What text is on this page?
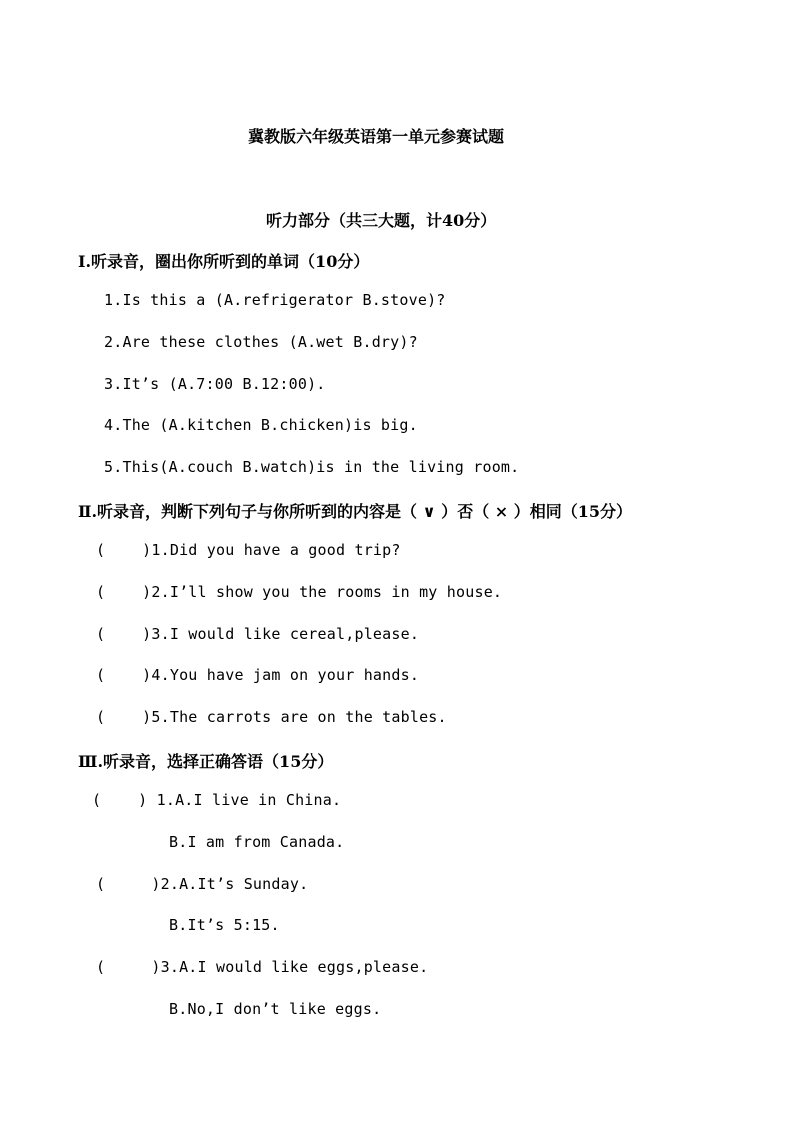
冀教版六年级英语第一单元参赛试题
听力部分（共三大题，计40分）
Ⅰ.听录音，圈出你所听到的单词（10分）
1.Is this a (A.refrigerator B.stove)?
2.Are these clothes (A.wet B.dry)?
3.It’s (A.7:00 B.12:00).
4.The (A.kitchen B.chicken)is big.
5.This(A.couch B.watch)is in the living room.
Ⅱ.听录音，判断下列句子与你所听到的内容是（ ∨ ）否（ × ）相同（15分）
(    )1.Did you have a good trip?
(    )2.I’ll show you the rooms in my house.
(    )3.I would like cereal,please.
(    )4.You have jam on your hands.
(    )5.The carrots are on the tables.
Ⅲ.听录音，选择正确答语（15分）
(    ) 1.A.I live in China.
B.I am from Canada.
(     )2.A.It’s Sunday.
B.It’s 5:15.
(     )3.A.I would like eggs,please.
B.No,I don’t like eggs.
